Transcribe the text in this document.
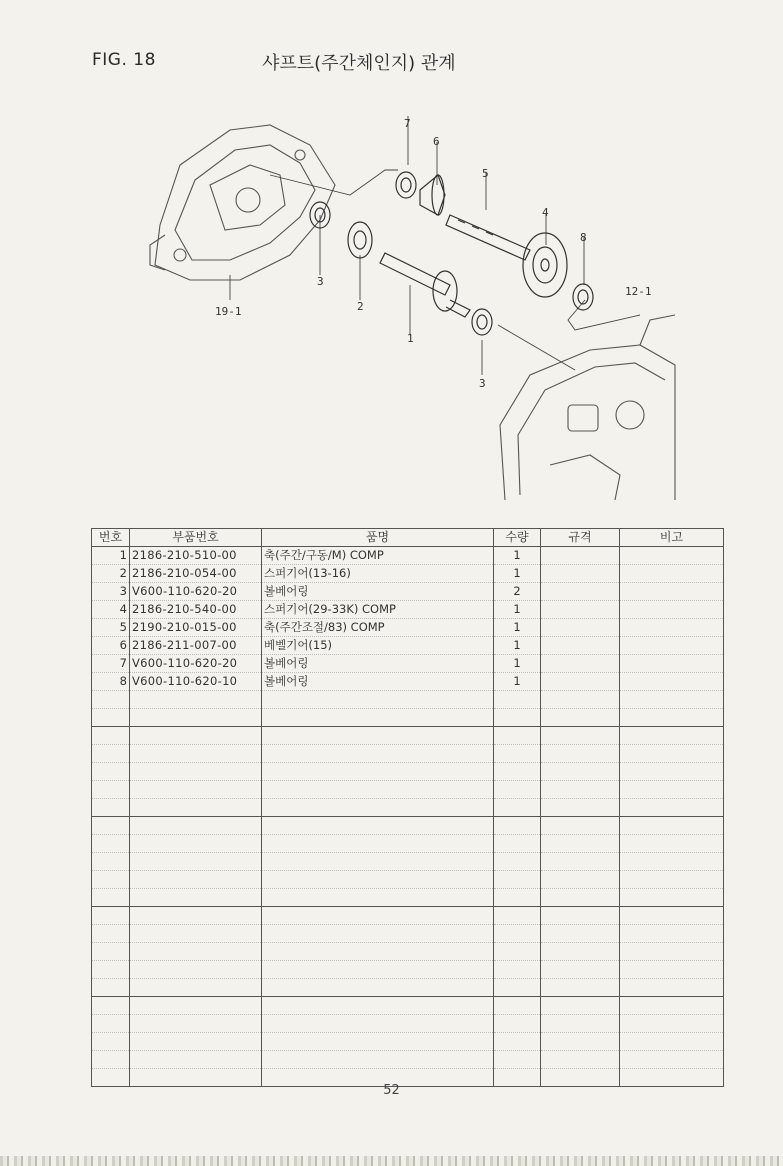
FIG. 18	샤프트(주간체인지) 관계
7
6
5
4
8
12-1
3
2
1
19-1
3
번호	부품번호	품명	수량	규격	비고
1	2186-210-510-00	축(주간/구동/M) COMP	1		
2	2186-210-054-00	스퍼기어(13-16)	1		
3	V600-110-620-20	볼베어링	2		
4	2186-210-540-00	스퍼기어(29-33K) COMP	1		
5	2190-210-015-00	축(주간조절/83) COMP	1		
6	2186-211-007-00	베벨기어(15)	1		
7	V600-110-620-20	볼베어링	1		
8	V600-110-620-10	볼베어링	1		

52
